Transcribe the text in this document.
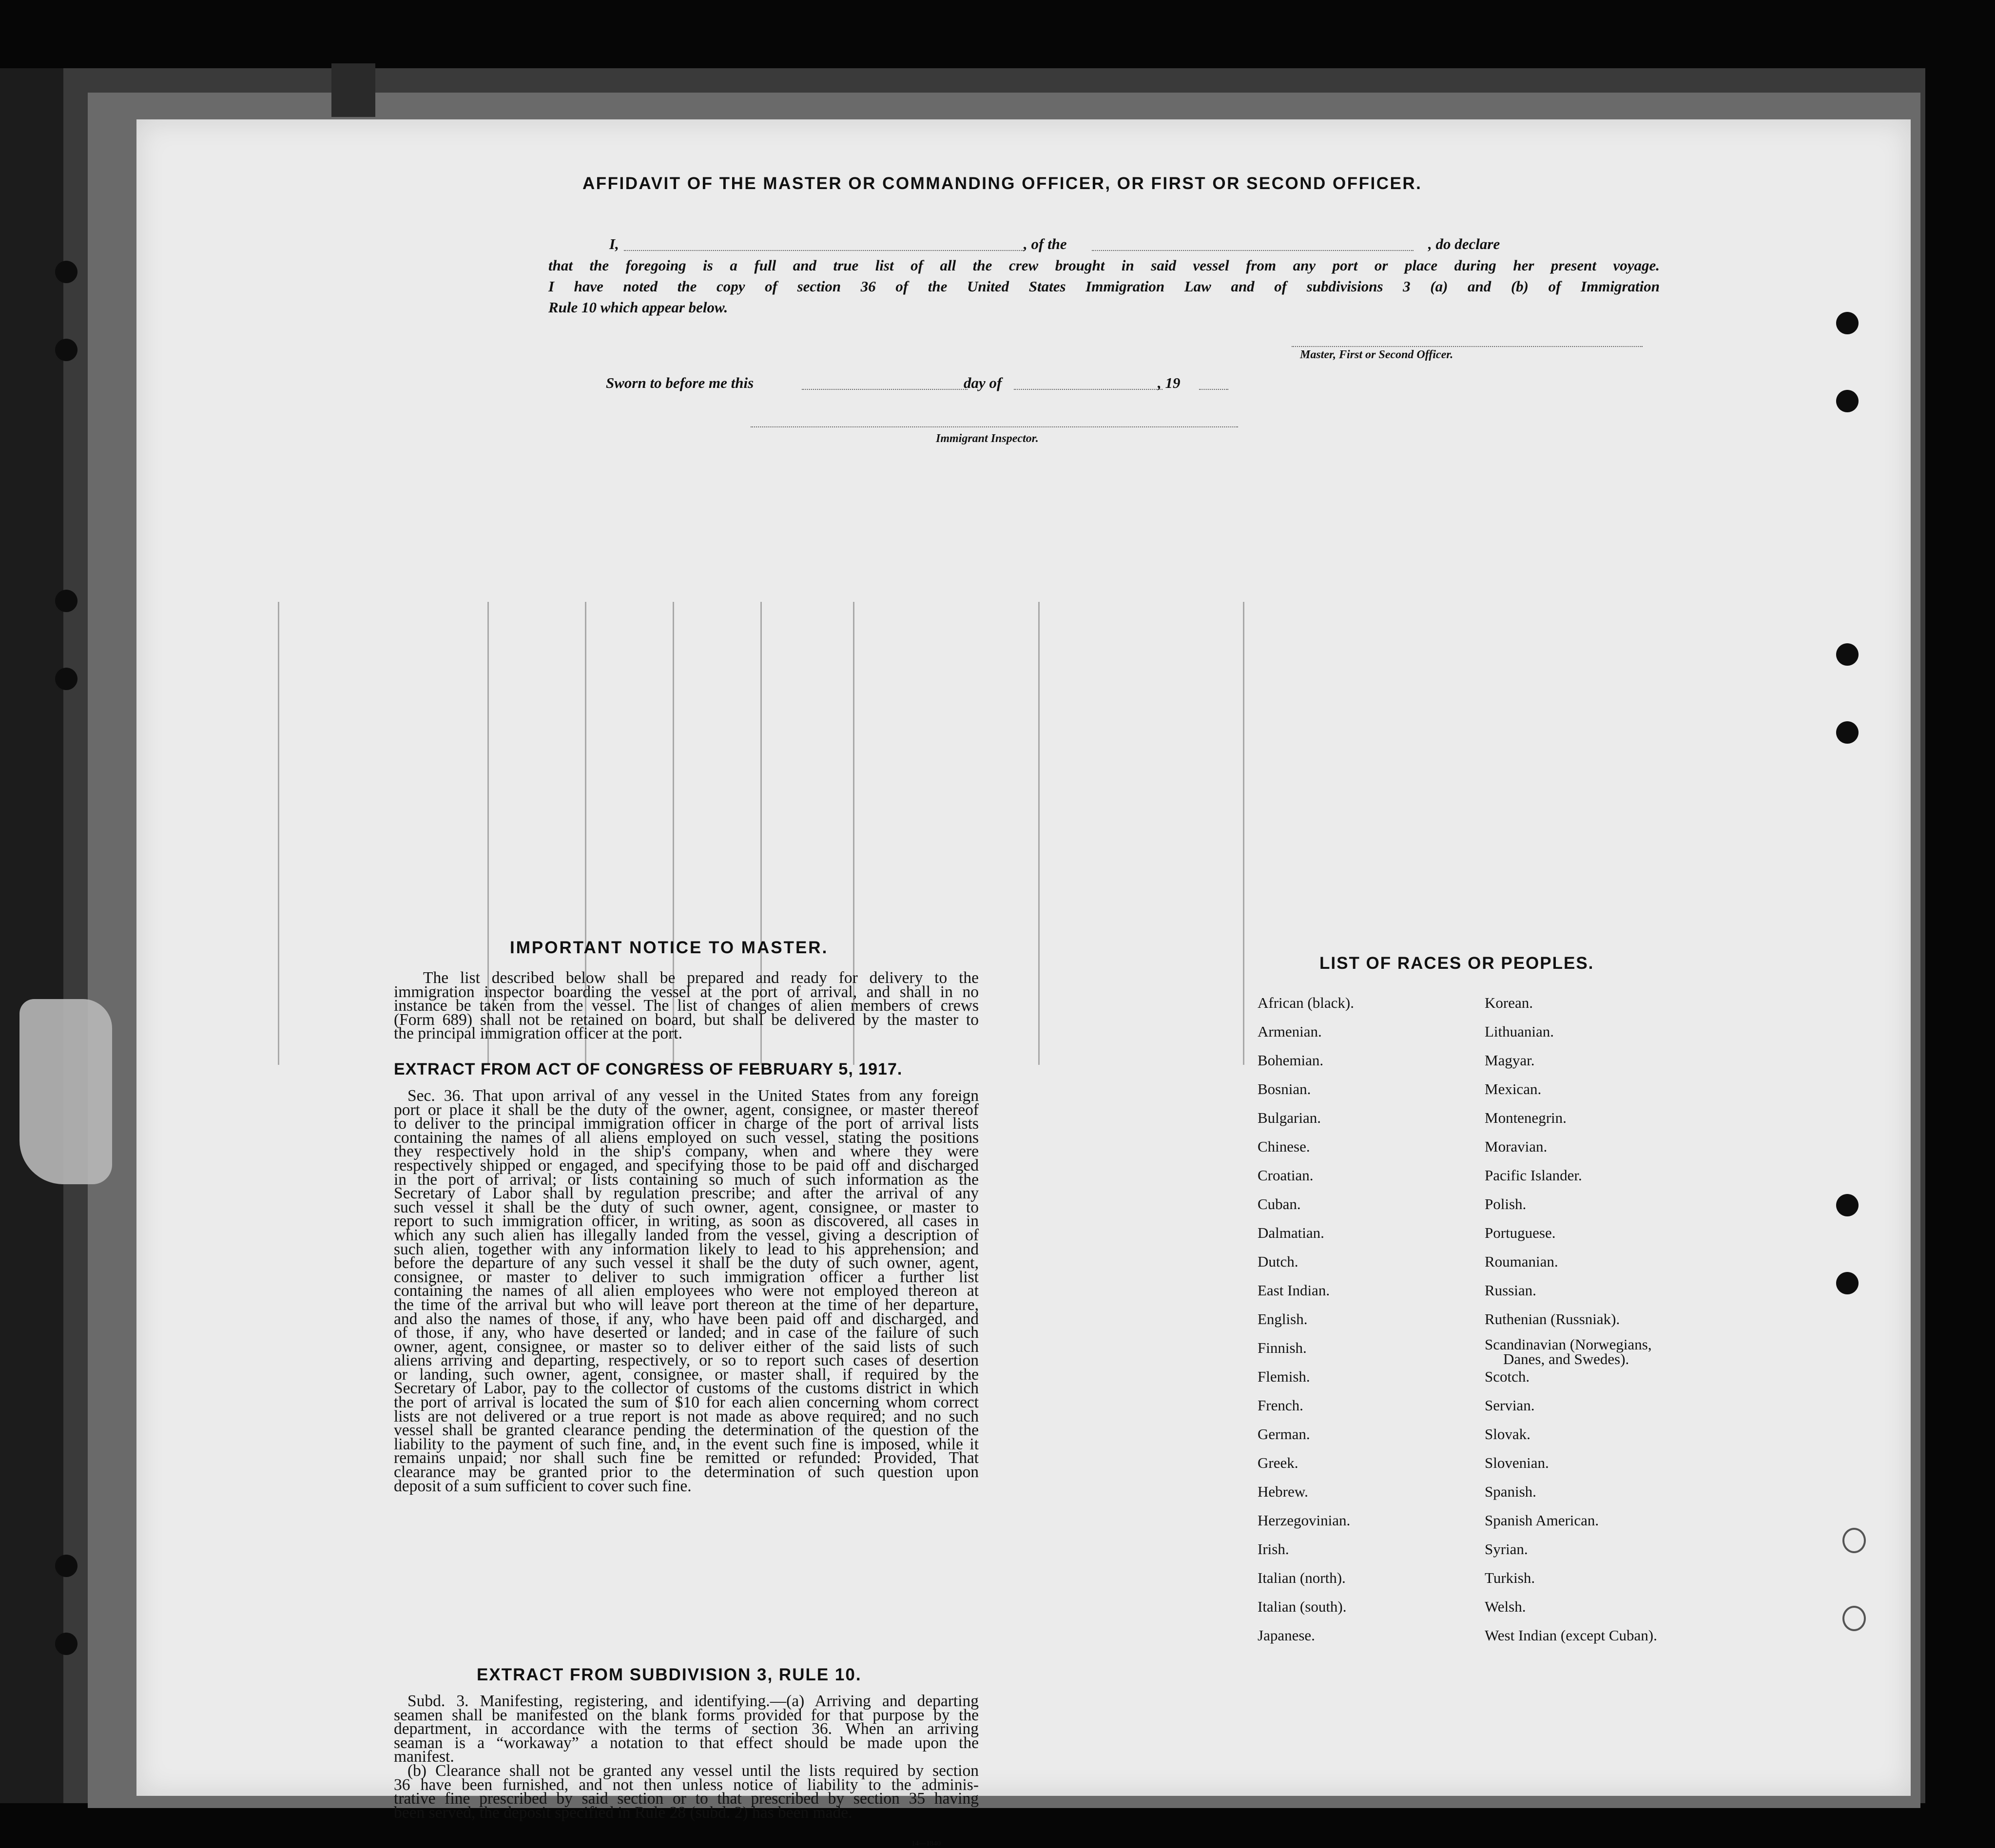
AFFIDAVIT OF THE MASTER OR COMMANDING OFFICER, OR FIRST OR SECOND OFFICER.
I,	, of the	, do declare
that the foregoing is a full and true list of all the crew brought in said vessel from any port or place during her present voyage.
I have noted the copy of section 36 of the United States Immigration Law and of subdivisions 3 (a) and (b) of Immigration
Rule 10 which appear below.
Master, First or Second Officer.
Sworn to before me this	day of	, 19
Immigrant Inspector.
IMPORTANT NOTICE TO MASTER.
The list described below shall be prepared and ready for delivery to the
immigration inspector boarding the vessel at the port of arrival, and shall in no
instance be taken from the vessel. The list of changes of alien members of crews
(Form 689) shall not be retained on board, but shall be delivered by the master to
the principal immigration officer at the port.
EXTRACT FROM ACT OF CONGRESS OF FEBRUARY 5, 1917.
Sec. 36. That upon arrival of any vessel in the United States from any foreign
port or place it shall be the duty of the owner, agent, consignee, or master thereof
to deliver to the principal immigration officer in charge of the port of arrival lists
containing the names of all aliens employed on such vessel, stating the positions
they respectively hold in the ship's company, when and where they were
respectively shipped or engaged, and specifying those to be paid off and discharged
in the port of arrival; or lists containing so much of such information as the
Secretary of Labor shall by regulation prescribe; and after the arrival of any
such vessel it shall be the duty of such owner, agent, consignee, or master to
report to such immigration officer, in writing, as soon as discovered, all cases in
which any such alien has illegally landed from the vessel, giving a description of
such alien, together with any information likely to lead to his apprehension; and
before the departure of any such vessel it shall be the duty of such owner, agent,
consignee, or master to deliver to such immigration officer a further list
containing the names of all alien employees who were not employed thereon at
the time of the arrival but who will leave port thereon at the time of her departure,
and also the names of those, if any, who have been paid off and discharged, and
of those, if any, who have deserted or landed; and in case of the failure of such
owner, agent, consignee, or master so to deliver either of the said lists of such
aliens arriving and departing, respectively, or so to report such cases of desertion
or landing, such owner, agent, consignee, or master shall, if required by the
Secretary of Labor, pay to the collector of customs of the customs district in which
the port of arrival is located the sum of $10 for each alien concerning whom correct
lists are not delivered or a true report is not made as above required; and no such
vessel shall be granted clearance pending the determination of the question of the
liability to the payment of such fine, and, in the event such fine is imposed, while it
remains unpaid; nor shall such fine be remitted or refunded: Provided, That
clearance may be granted prior to the determination of such question upon
deposit of a sum sufficient to cover such fine.
EXTRACT FROM SUBDIVISION 3, RULE 10.
Subd. 3. Manifesting, registering, and identifying.—(a) Arriving and departing
seamen shall be manifested on the blank forms provided for that purpose by the
department, in accordance with the terms of section 36. When an arriving
seaman is a “workaway” a notation to that effect should be made upon the
manifest.
(b) Clearance shall not be granted any vessel until the lists required by section
36 have been furnished, and not then unless notice of liability to the adminis-
trative fine prescribed by said section or to that prescribed by section 35 having
been served, the deposit specified in Rule 28 (subd. 2) has been made.
14—1840
LIST OF RACES OR PEOPLES.
African (black).
Armenian.
Bohemian.
Bosnian.
Bulgarian.
Chinese.
Croatian.
Cuban.
Dalmatian.
Dutch.
East Indian.
English.
Finnish.
Flemish.
French.
German.
Greek.
Hebrew.
Herzegovinian.
Irish.
Italian (north).
Italian (south).
Japanese.
Korean.
Lithuanian.
Magyar.
Mexican.
Montenegrin.
Moravian.
Pacific Islander.
Polish.
Portuguese.
Roumanian.
Russian.
Ruthenian (Russniak).
Scandinavian (Norwegians,
Danes, and Swedes).
Scotch.
Servian.
Slovak.
Slovenian.
Spanish.
Spanish American.
Syrian.
Turkish.
Welsh.
West Indian (except Cuban).
